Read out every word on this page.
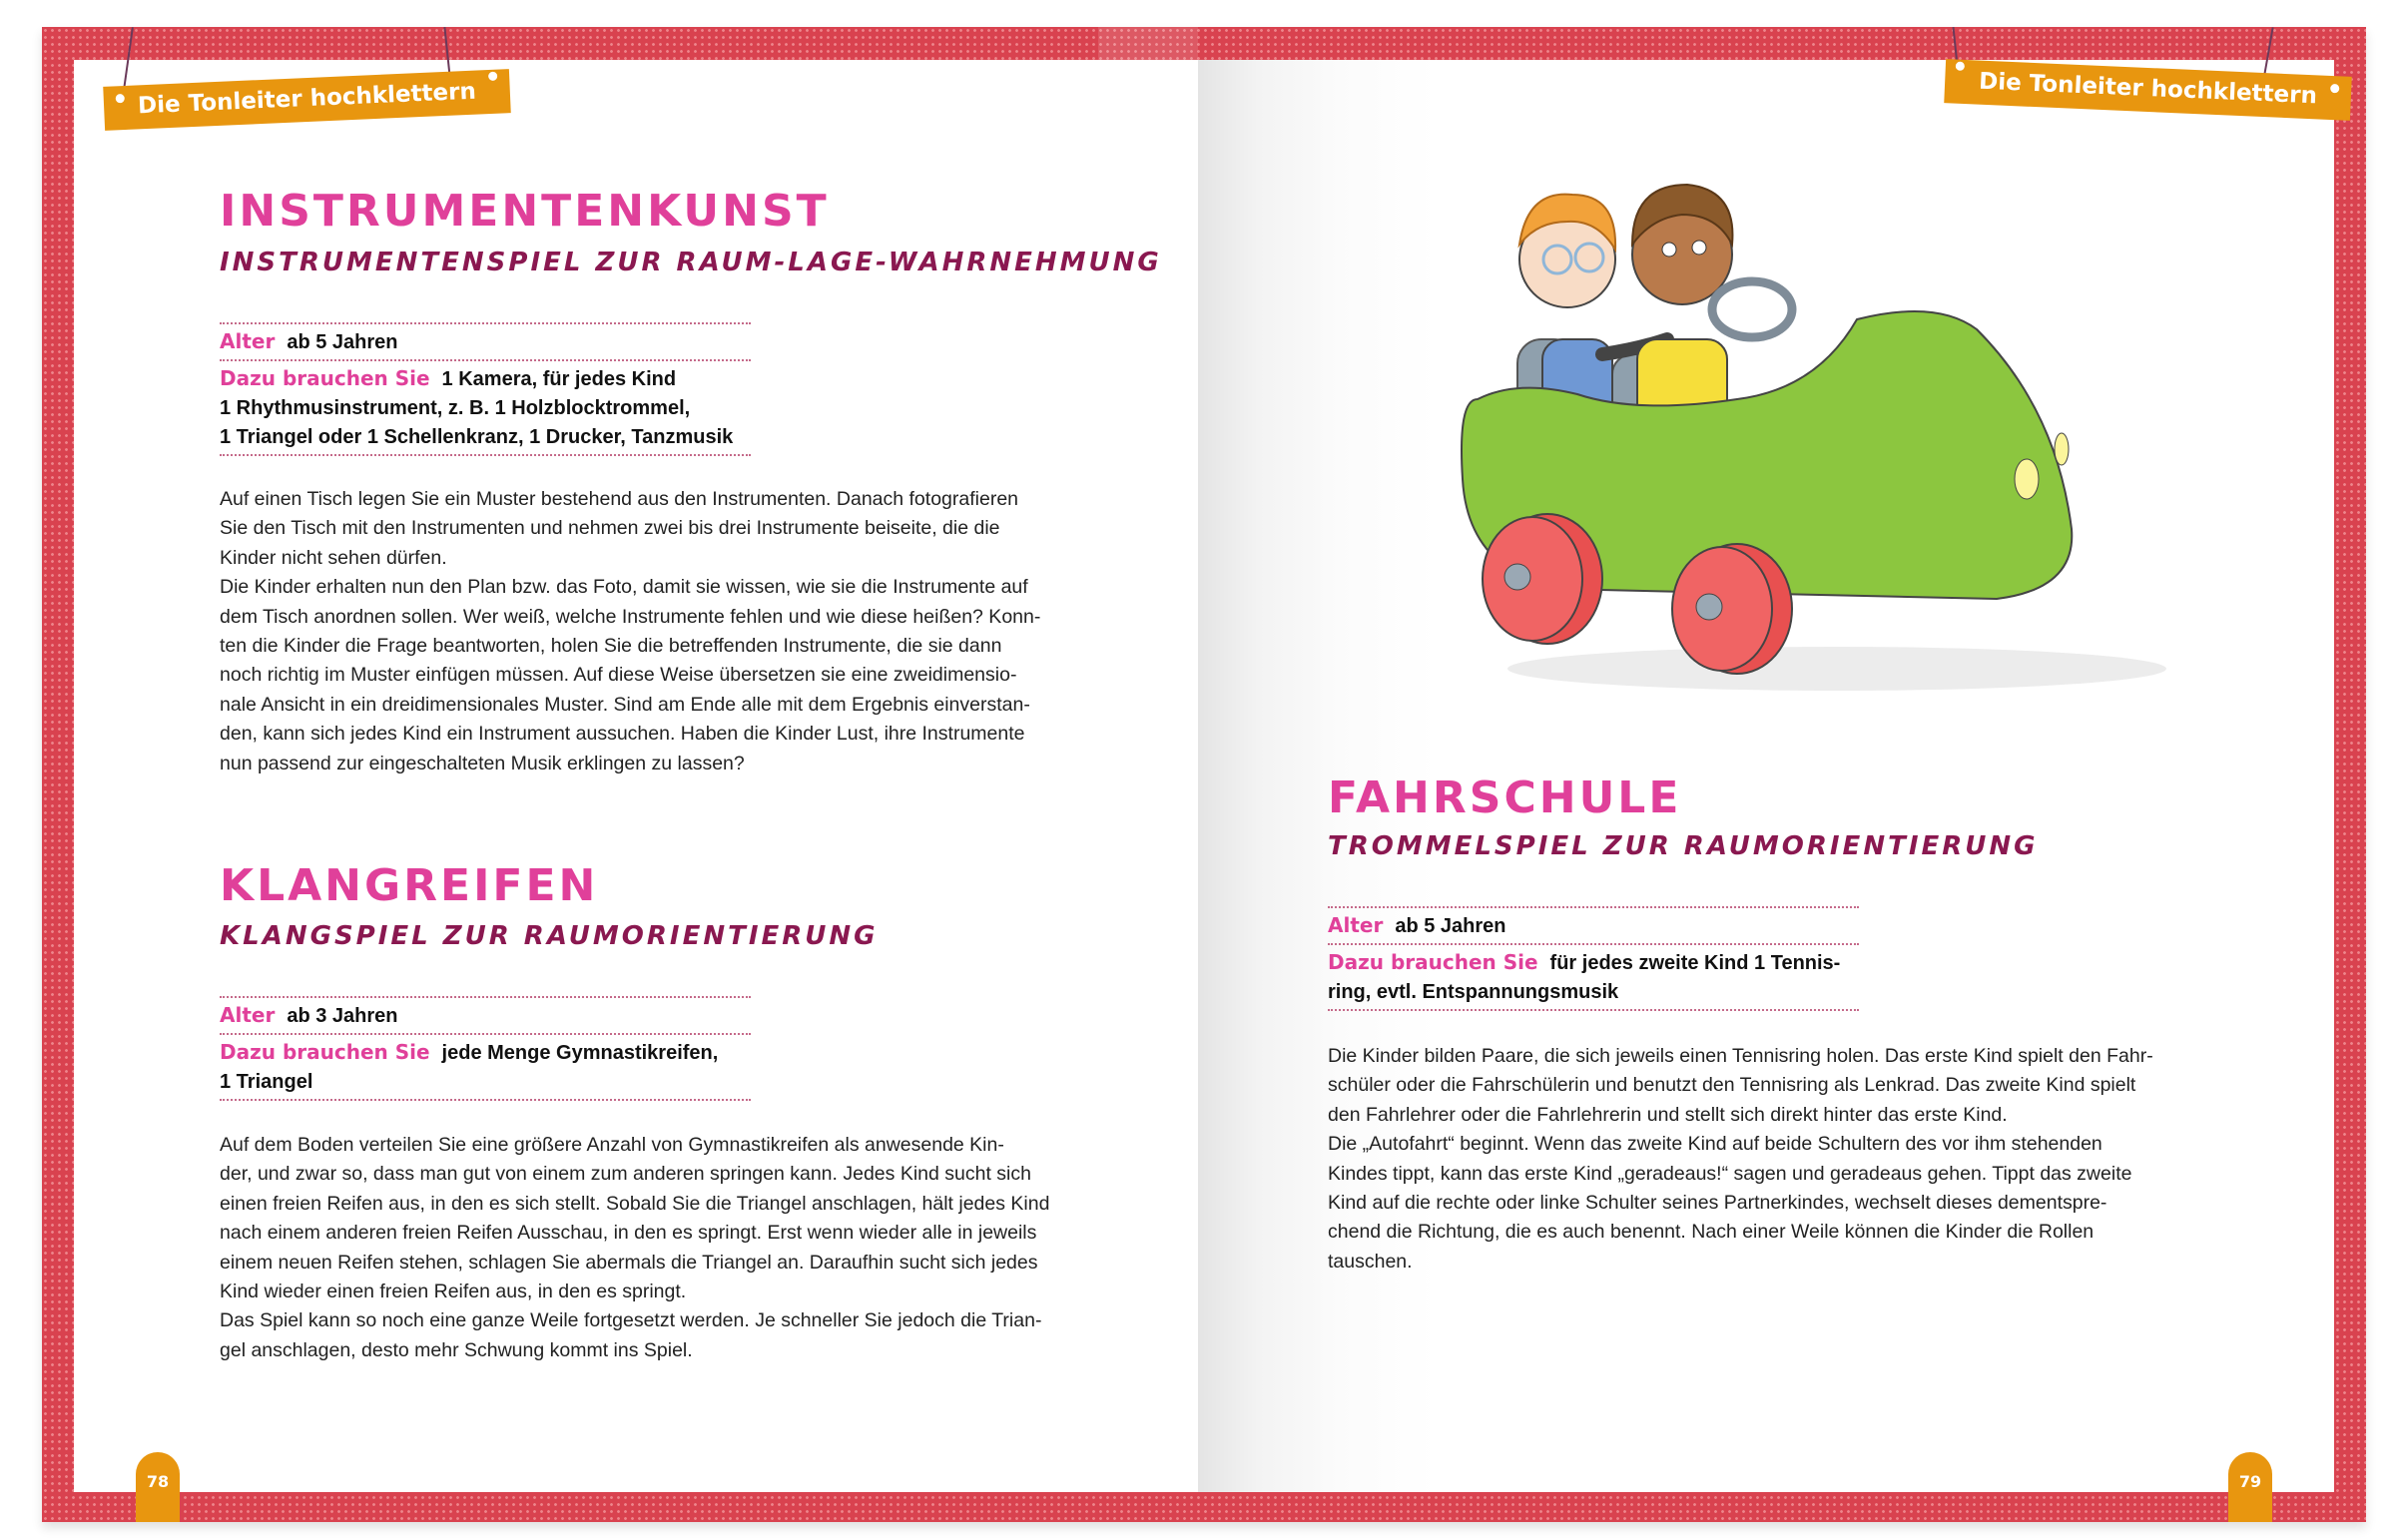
Die Tonleiter hochklettern
INSTRUMENTENKUNST
INSTRUMENTENSPIEL ZUR RAUM-LAGE-WAHRNEHMUNG
Alter ab 5 Jahren
Dazu brauchen Sie 1 Kamera, für jedes Kind
1 Rhythmusinstrument, z. B. 1 Holzblocktrommel,
1 Triangel oder 1 Schellenkranz, 1 Drucker, Tanzmusik

Auf einen Tisch legen Sie ein Muster bestehend aus den Instrumenten. Danach fotografieren

Sie den Tisch mit den Instrumenten und nehmen zwei bis drei Instrumente beiseite, die die

Kinder nicht sehen dürfen.

Die Kinder erhalten nun den Plan bzw. das Foto, damit sie wissen, wie sie die Instrumente auf

dem Tisch anordnen sollen. Wer weiß, welche Instrumente fehlen und wie diese heißen? Konn-

ten die Kinder die Frage beantworten, holen Sie die betreffenden Instrumente, die sie dann

noch richtig im Muster einfügen müssen. Auf diese Weise übersetzen sie eine zweidimensio-

nale Ansicht in ein dreidimensionales Muster. Sind am Ende alle mit dem Ergebnis einverstan-

den, kann sich jedes Kind ein Instrument aussuchen. Haben die Kinder Lust, ihre Instrumente

nun passend zur eingeschalteten Musik erklingen zu lassen?

KLANGREIFEN
KLANGSPIEL ZUR RAUMORIENTIERUNG
Alter ab 3 Jahren
Dazu brauchen Sie jede Menge Gymnastikreifen,
1 Triangel

Auf dem Boden verteilen Sie eine größere Anzahl von Gymnastikreifen als anwesende Kin-

der, und zwar so, dass man gut von einem zum anderen springen kann. Jedes Kind sucht sich

einen freien Reifen aus, in den es sich stellt. Sobald Sie die Triangel anschlagen, hält jedes Kind

nach einem anderen freien Reifen Ausschau, in den es springt. Erst wenn wieder alle in jeweils

einem neuen Reifen stehen, schlagen Sie abermals die Triangel an. Daraufhin sucht sich jedes

Kind wieder einen freien Reifen aus, in den es springt.

Das Spiel kann so noch eine ganze Weile fortgesetzt werden. Je schneller Sie jedoch die Trian-

gel anschlagen, desto mehr Schwung kommt ins Spiel.

78
Die Tonleiter hochklettern
FAHRSCHULE
TROMMELSPIEL ZUR RAUMORIENTIERUNG
Alter ab 5 Jahren
Dazu brauchen Sie für jedes zweite Kind 1 Tennis-
ring, evtl. Entspannungsmusik

Die Kinder bilden Paare, die sich jeweils einen Tennisring holen. Das erste Kind spielt den Fahr-

schüler oder die Fahrschülerin und benutzt den Tennisring als Lenkrad. Das zweite Kind spielt

den Fahrlehrer oder die Fahrlehrerin und stellt sich direkt hinter das erste Kind.

Die „Autofahrt“ beginnt. Wenn das zweite Kind auf beide Schultern des vor ihm stehenden

Kindes tippt, kann das erste Kind „geradeaus!“ sagen und geradeaus gehen. Tippt das zweite

Kind auf die rechte oder linke Schulter seines Partnerkindes, wechselt dieses dementspre-

chend die Richtung, die es auch benennt. Nach einer Weile können die Kinder die Rollen

tauschen.

79
